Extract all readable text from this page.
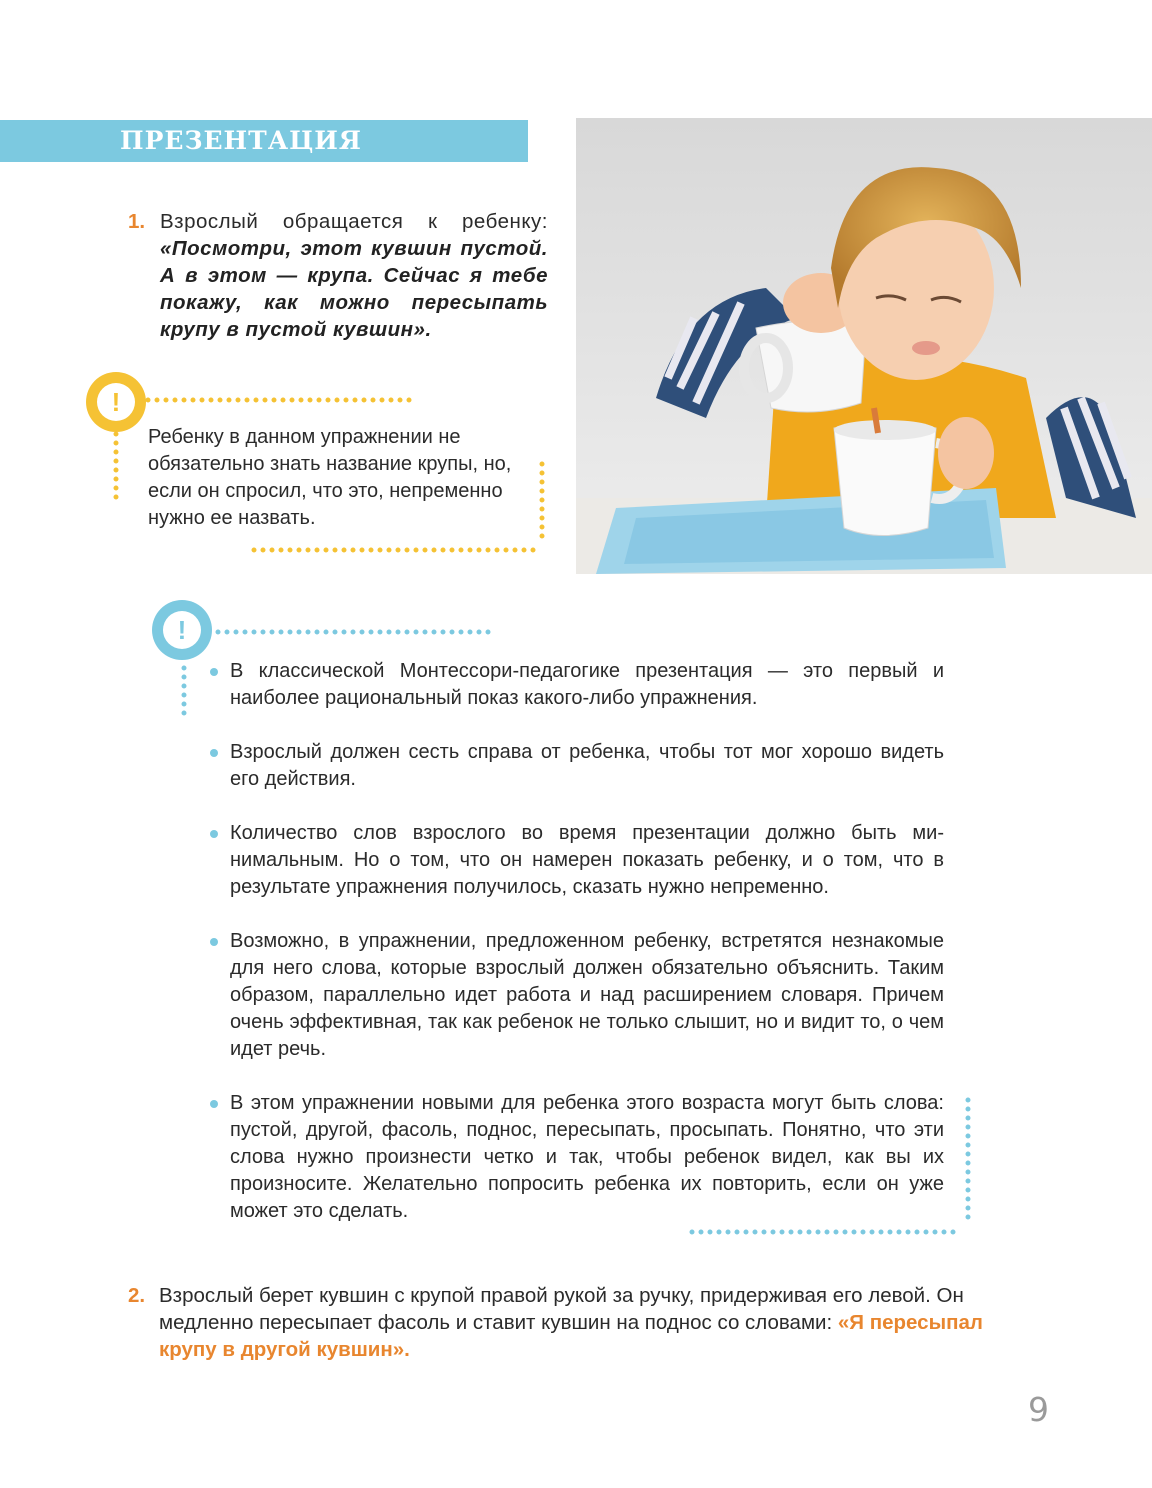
ПРЕЗЕНТАЦИЯ
1. Взрослый обращается к ребенку: «Посмотри, этот кувшин пустой. А в этом — крупа. Сейчас я тебе покажу, как можно пересыпать крупу в пустой кувшин».
!

Ребенку в данном упражнении не обязательно знать название крупы, но, если он спросил, что это, непременно нужно ее назвать.

!
В классической Монтессори-педагогике презентация — это первый и наиболее рациональный показ какого-либо упражнения.
Взрослый должен сесть справа от ребенка, чтобы тот мог хорошо видеть его действия.
Количество слов взрослого во время презентации должно быть минимальным. Но о том, что он намерен показать ребенку, и о том, что в результате упражнения получилось, сказать нужно непременно.
Возможно, в упражнении, предложенном ребенку, встретятся незнакомые для него слова, которые взрослый должен обязательно объяснить. Таким образом, параллельно идет работа и над расширением словаря. Причем очень эффективная, так как ребенок не только слышит, но и видит то, о чем идет речь.
В этом упражнении новыми для ребенка этого возраста могут быть слова: пустой, другой, фасоль, поднос, пересыпать, просыпать. Понятно, что эти слова нужно произнести четко и так, чтобы ребенок видел, как вы их произносите. Желательно попросить ребенка их повторить, если он уже может это сделать.
2. Взрослый берет кувшин с крупой правой рукой за ручку, придерживая его левой. Он медленно пересыпает фасоль и ставит кувшин на поднос со словами: «Я пересыпал крупу в другой кувшин».
9
